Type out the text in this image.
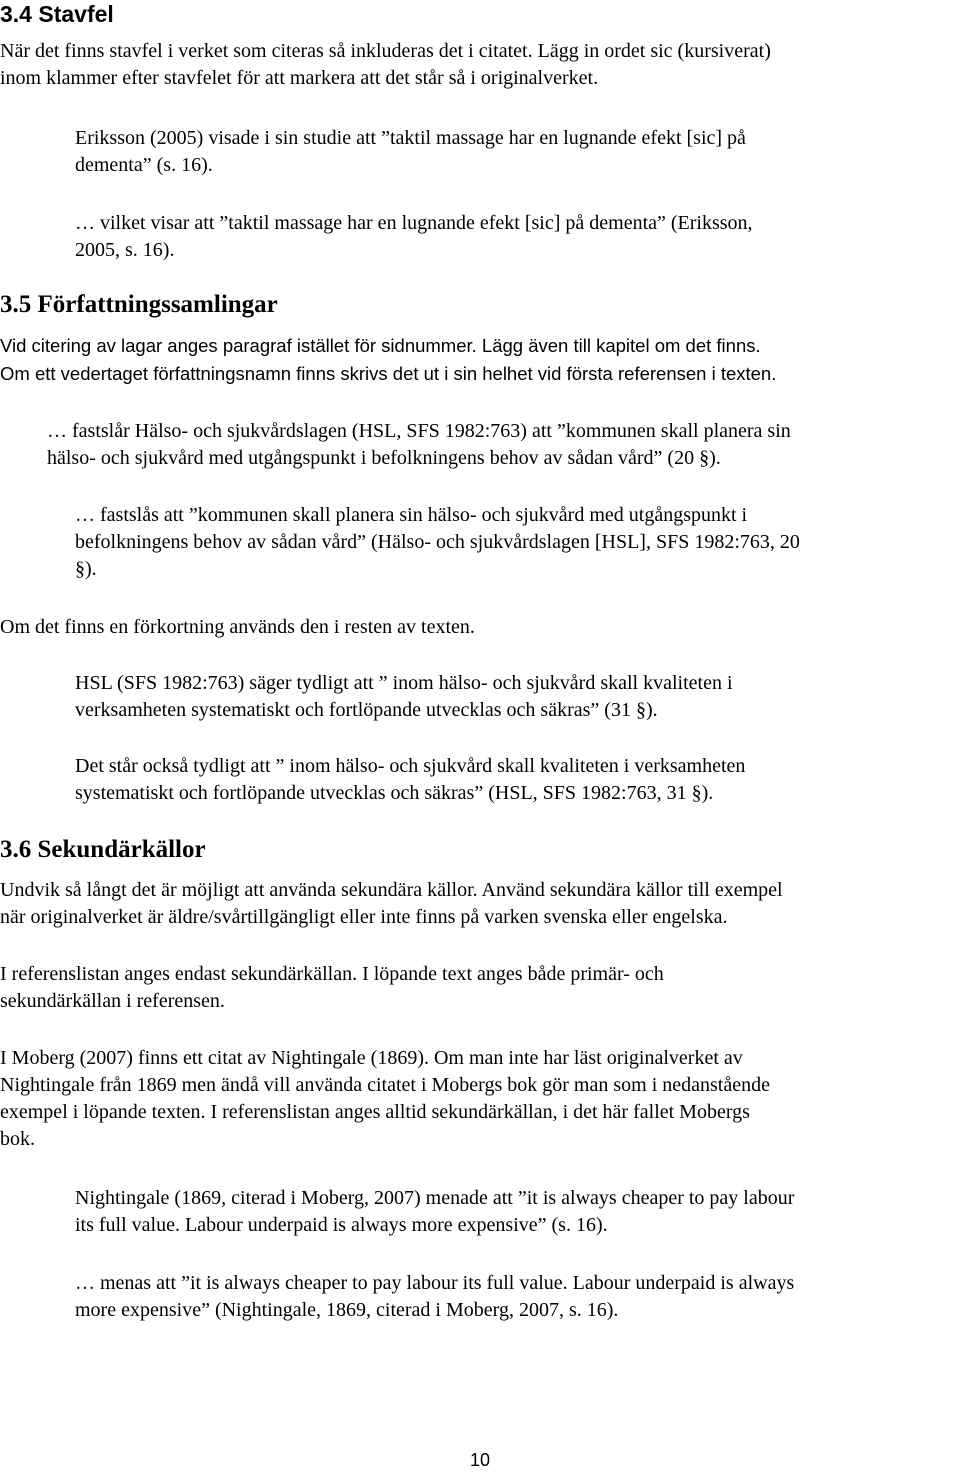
3.4 Stavfel

När det finns stavfel i verket som citeras så inkluderas det i citatet. Lägg in ordet sic (kursiverat)
inom klammer efter stavfelet för att markera att det står så i originalverket.

Eriksson (2005) visade i sin studie att ”taktil massage har en lugnande efekt [sic] på
dementa” (s. 16).

… vilket visar att ”taktil massage har en lugnande efekt [sic] på dementa” (Eriksson,
2005, s. 16).

3.5 Författningssamlingar

Vid citering av lagar anges paragraf istället för sidnummer. Lägg även till kapitel om det finns.
Om ett vedertaget författningsnamn finns skrivs det ut i sin helhet vid första referensen i texten.

… fastslår Hälso- och sjukvårdslagen (HSL, SFS 1982:763) att ”kommunen skall planera sin
hälso- och sjukvård med utgångspunkt i befolkningens behov av sådan vård” (20 §).

… fastslås att ”kommunen skall planera sin hälso- och sjukvård med utgångspunkt i
befolkningens behov av sådan vård” (Hälso- och sjukvårdslagen [HSL], SFS 1982:763, 20
§).

Om det finns en förkortning används den i resten av texten.

HSL (SFS 1982:763) säger tydligt att ” inom hälso- och sjukvård skall kvaliteten i
verksamheten systematiskt och fortlöpande utvecklas och säkras” (31 §).

Det står också tydligt att ” inom hälso- och sjukvård skall kvaliteten i verksamheten
systematiskt och fortlöpande utvecklas och säkras” (HSL, SFS 1982:763, 31 §).

3.6 Sekundärkällor

Undvik så långt det är möjligt att använda sekundära källor. Använd sekundära källor till exempel
när originalverket är äldre/svårtillgängligt eller inte finns på varken svenska eller engelska.

I referenslistan anges endast sekundärkällan. I löpande text anges både primär- och
sekundärkällan i referensen.

I Moberg (2007) finns ett citat av Nightingale (1869). Om man inte har läst originalverket av
Nightingale från 1869 men ändå vill använda citatet i Mobergs bok gör man som i nedanstående
exempel i löpande texten. I referenslistan anges alltid sekundärkällan, i det här fallet Mobergs
bok.

Nightingale (1869, citerad i Moberg, 2007) menade att ”it is always cheaper to pay labour
its full value. Labour underpaid is always more expensive” (s. 16).

… menas att ”it is always cheaper to pay labour its full value. Labour underpaid is always
more expensive” (Nightingale, 1869, citerad i Moberg, 2007, s. 16).

10
